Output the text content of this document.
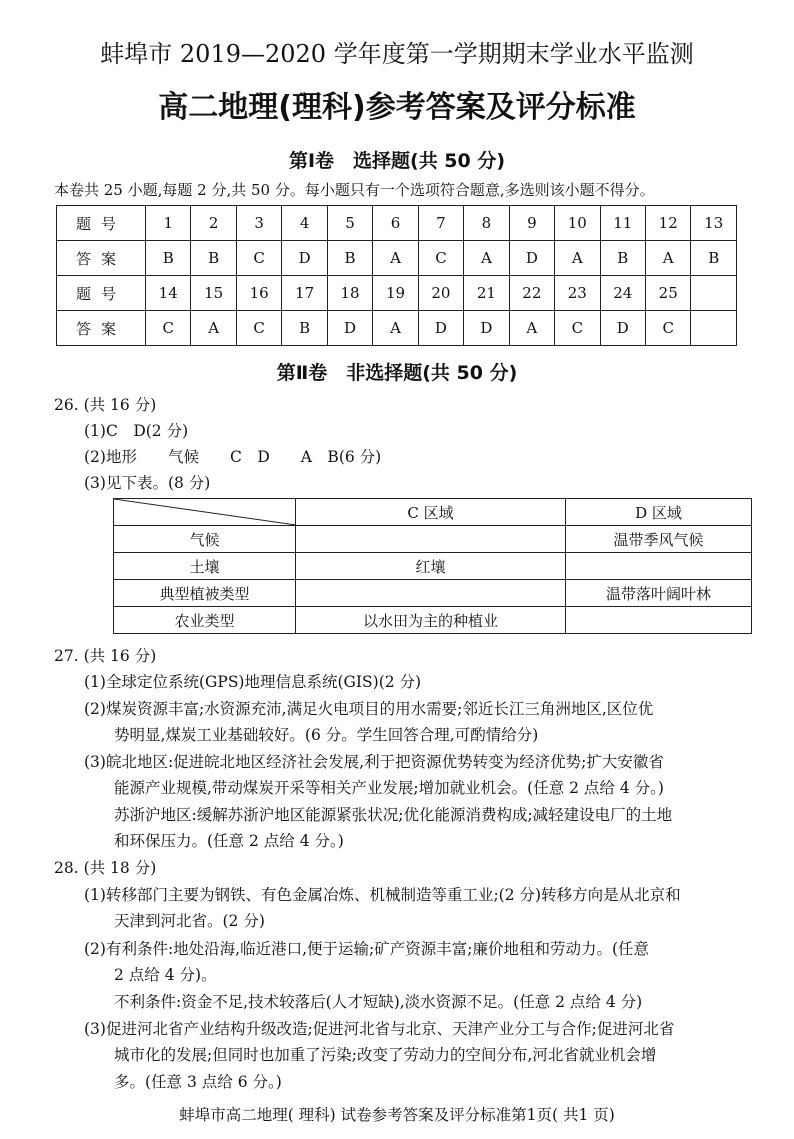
蚌埠市 2019—2020 学年度第一学期期末学业水平监测
高二地理(理科)参考答案及评分标准
第Ⅰ卷　选择题(共 50 分)
本卷共 25 小题,每题 2 分,共 50 分。每小题只有一个选项符合题意,多选则该小题不得分。
题号	1	2	3	4	5	6	7	8	9	10	11	12	13
答案	B	B	C	D	B	A	C	A	D	A	B	A	B
题号	14	15	16	17	18	19	20	21	22	23	24	25	
答案	C	A	C	B	D	A	D	D	A	C	D	C	
第Ⅱ卷　非选择题(共 50 分)
26. (共 16 分)
(1)C　D(2 分)
(2)地形　　气候　　C　D　　A　B(6 分)
(3)见下表。(8 分)
	C 区域	D 区域
气候		温带季风气候
土壤	红壤	
典型植被类型		温带落叶阔叶林
农业类型	以水田为主的种植业	
27. (共 16 分)
(1)全球定位系统(GPS)地理信息系统(GIS)(2 分)
(2)煤炭资源丰富;水资源充沛,满足火电项目的用水需要;邻近长江三角洲地区,区位优
势明显,煤炭工业基础较好。(6 分。学生回答合理,可酌情给分)
(3)皖北地区:促进皖北地区经济社会发展,利于把资源优势转变为经济优势;扩大安徽省
能源产业规模,带动煤炭开采等相关产业发展;增加就业机会。(任意 2 点给 4 分。)
苏浙沪地区:缓解苏浙沪地区能源紧张状况;优化能源消费构成;减轻建设电厂的土地
和环保压力。(任意 2 点给 4 分。)
28. (共 18 分)
(1)转移部门主要为钢铁、有色金属冶炼、机械制造等重工业;(2 分)转移方向是从北京和
天津到河北省。(2 分)
(2)有利条件:地处沿海,临近港口,便于运输;矿产资源丰富;廉价地租和劳动力。(任意
2 点给 4 分)。
不利条件:资金不足,技术较落后(人才短缺),淡水资源不足。(任意 2 点给 4 分)
(3)促进河北省产业结构升级改造;促进河北省与北京、天津产业分工与合作;促进河北省
城市化的发展;但同时也加重了污染;改变了劳动力的空间分布,河北省就业机会增
多。(任意 3 点给 6 分。)
蚌埠市高二地理( 理科) 试卷参考答案及评分标准第1页( 共1 页)
